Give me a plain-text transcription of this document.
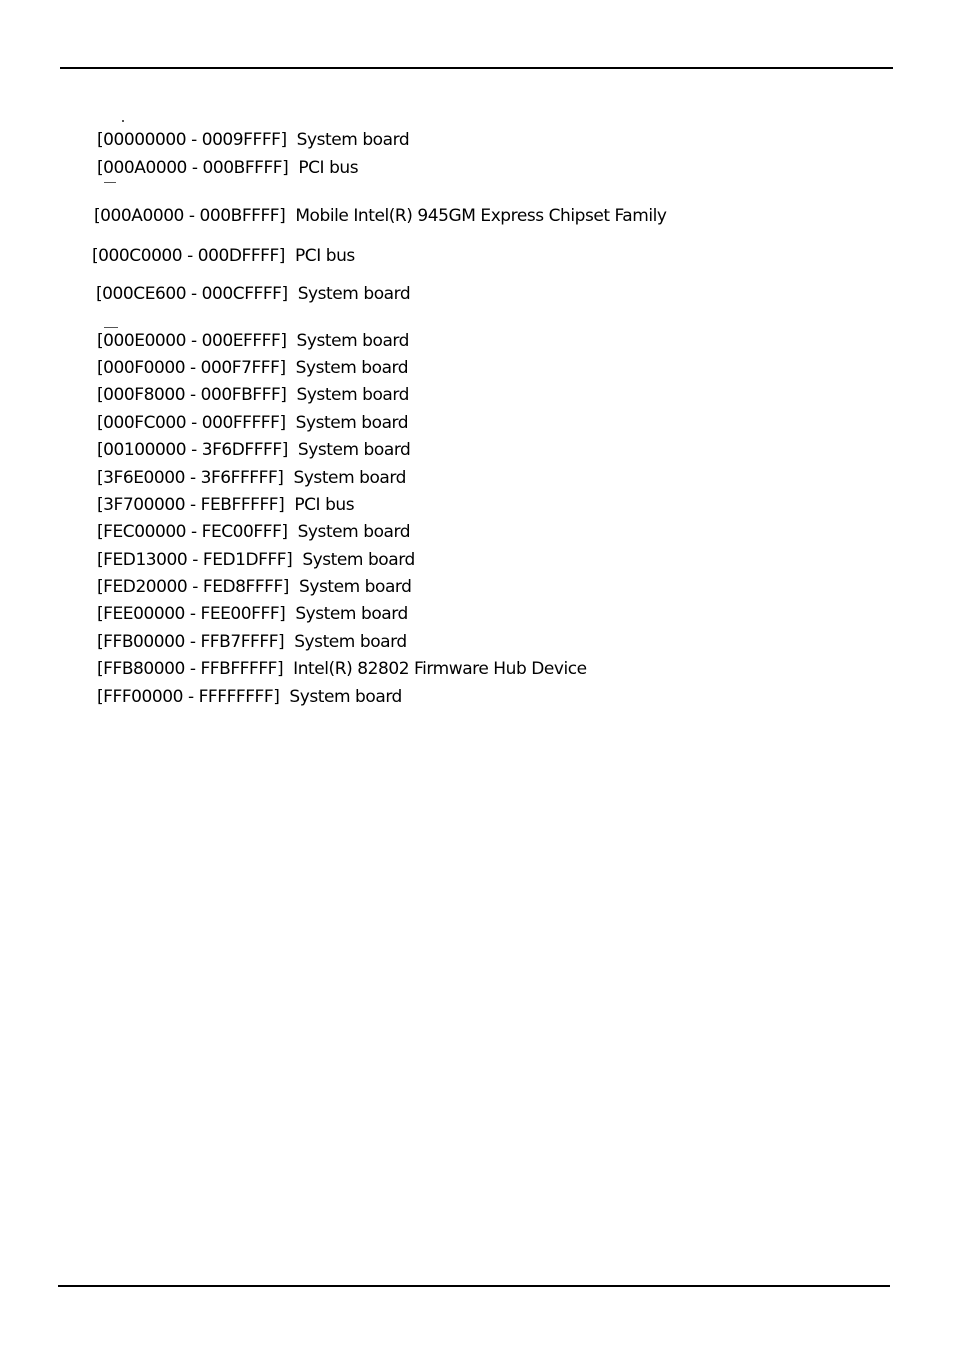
[00000000 - 0009FFFF] System board
[000A0000 - 000BFFFF] PCI bus
[000A0000 - 000BFFFF] Mobile Intel(R) 945GM Express Chipset Family
[000C0000 - 000DFFFF] PCI bus
[000CE600 - 000CFFFF] System board
[000E0000 - 000EFFFF] System board
[000F0000 - 000F7FFF] System board
[000F8000 - 000FBFFF] System board
[000FC000 - 000FFFFF] System board
[00100000 - 3F6DFFFF] System board
[3F6E0000 - 3F6FFFFF] System board
[3F700000 - FEBFFFFF] PCI bus
[FEC00000 - FEC00FFF] System board
[FED13000 - FED1DFFF] System board
[FED20000 - FED8FFFF] System board
[FEE00000 - FEE00FFF] System board
[FFB00000 - FFB7FFFF] System board
[FFB80000 - FFBFFFFF] Intel(R) 82802 Firmware Hub Device
[FFF00000 - FFFFFFFF] System board
